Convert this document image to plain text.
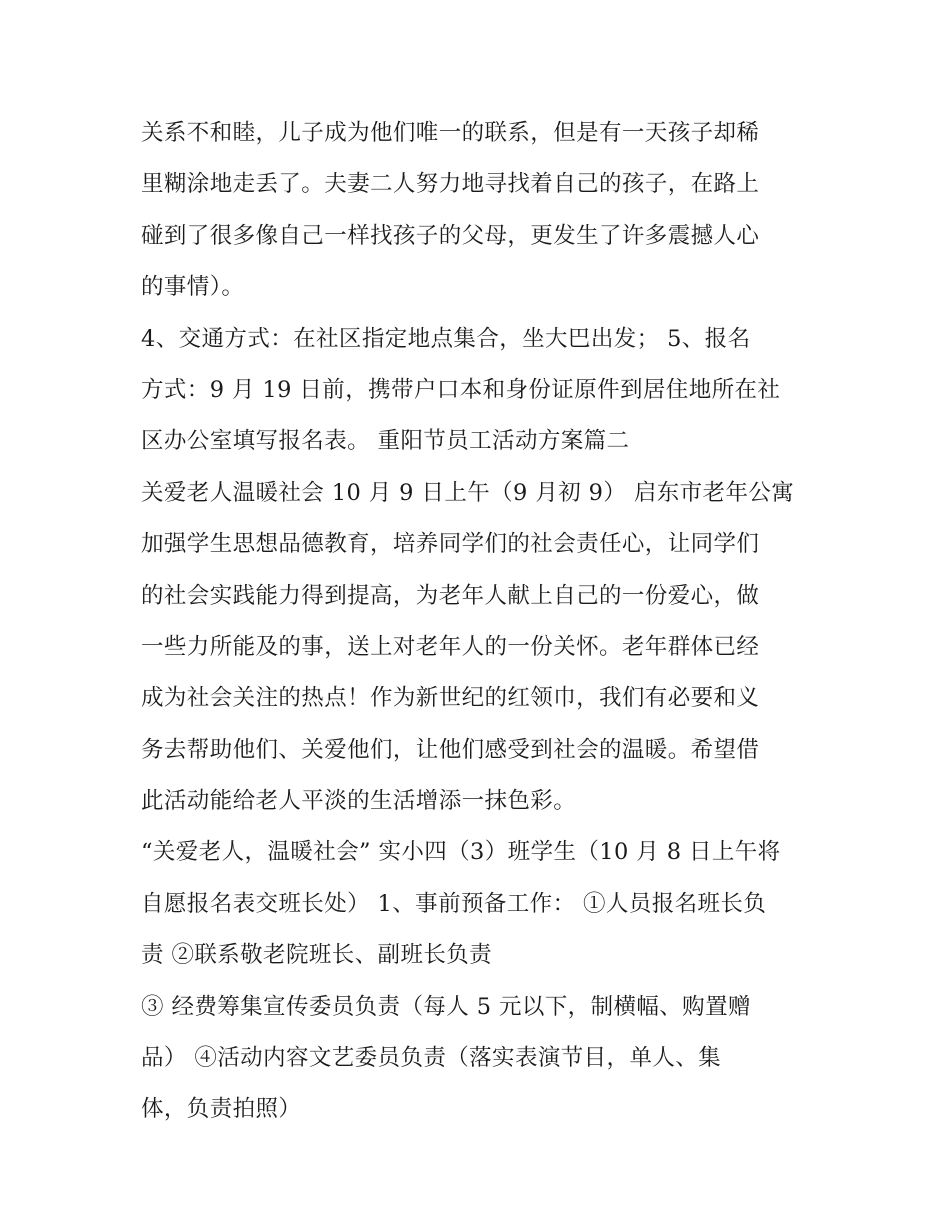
关系不和睦，儿子成为他们唯一的联系，但是有一天孩子却稀
里糊涂地走丢了。夫妻二人努力地寻找着自己的孩子，在路上
碰到了很多像自己一样找孩子的父母，更发生了许多震撼人心
的事情）。
4、交通方式：在社区指定地点集合，坐大巴出发； 5、报名
方式：9 月 19 日前，携带户口本和身份证原件到居住地所在社
区办公室填写报名表。 重阳节员工活动方案篇二
关爱老人温暖社会 10 月 9 日上午（9 月初 9） 启东市老年公寓
加强学生思想品德教育，培养同学们的社会责任心，让同学们
的社会实践能力得到提高，为老年人献上自己的一份爱心，做
一些力所能及的事，送上对老年人的一份关怀。老年群体已经
成为社会关注的热点！作为新世纪的红领巾，我们有必要和义
务去帮助他们、关爱他们，让他们感受到社会的温暖。希望借
此活动能给老人平淡的生活增添一抹色彩。
“关爱老人，温暖社会” 实小四（3）班学生（10 月 8 日上午将
自愿报名表交班长处） 1、事前预备工作： ①人员报名班长负
责 ②联系敬老院班长、副班长负责
③ 经费筹集宣传委员负责（每人 5 元以下，制横幅、购置赠
品） ④活动内容文艺委员负责（落实表演节目，单人、集
体，负责拍照）
